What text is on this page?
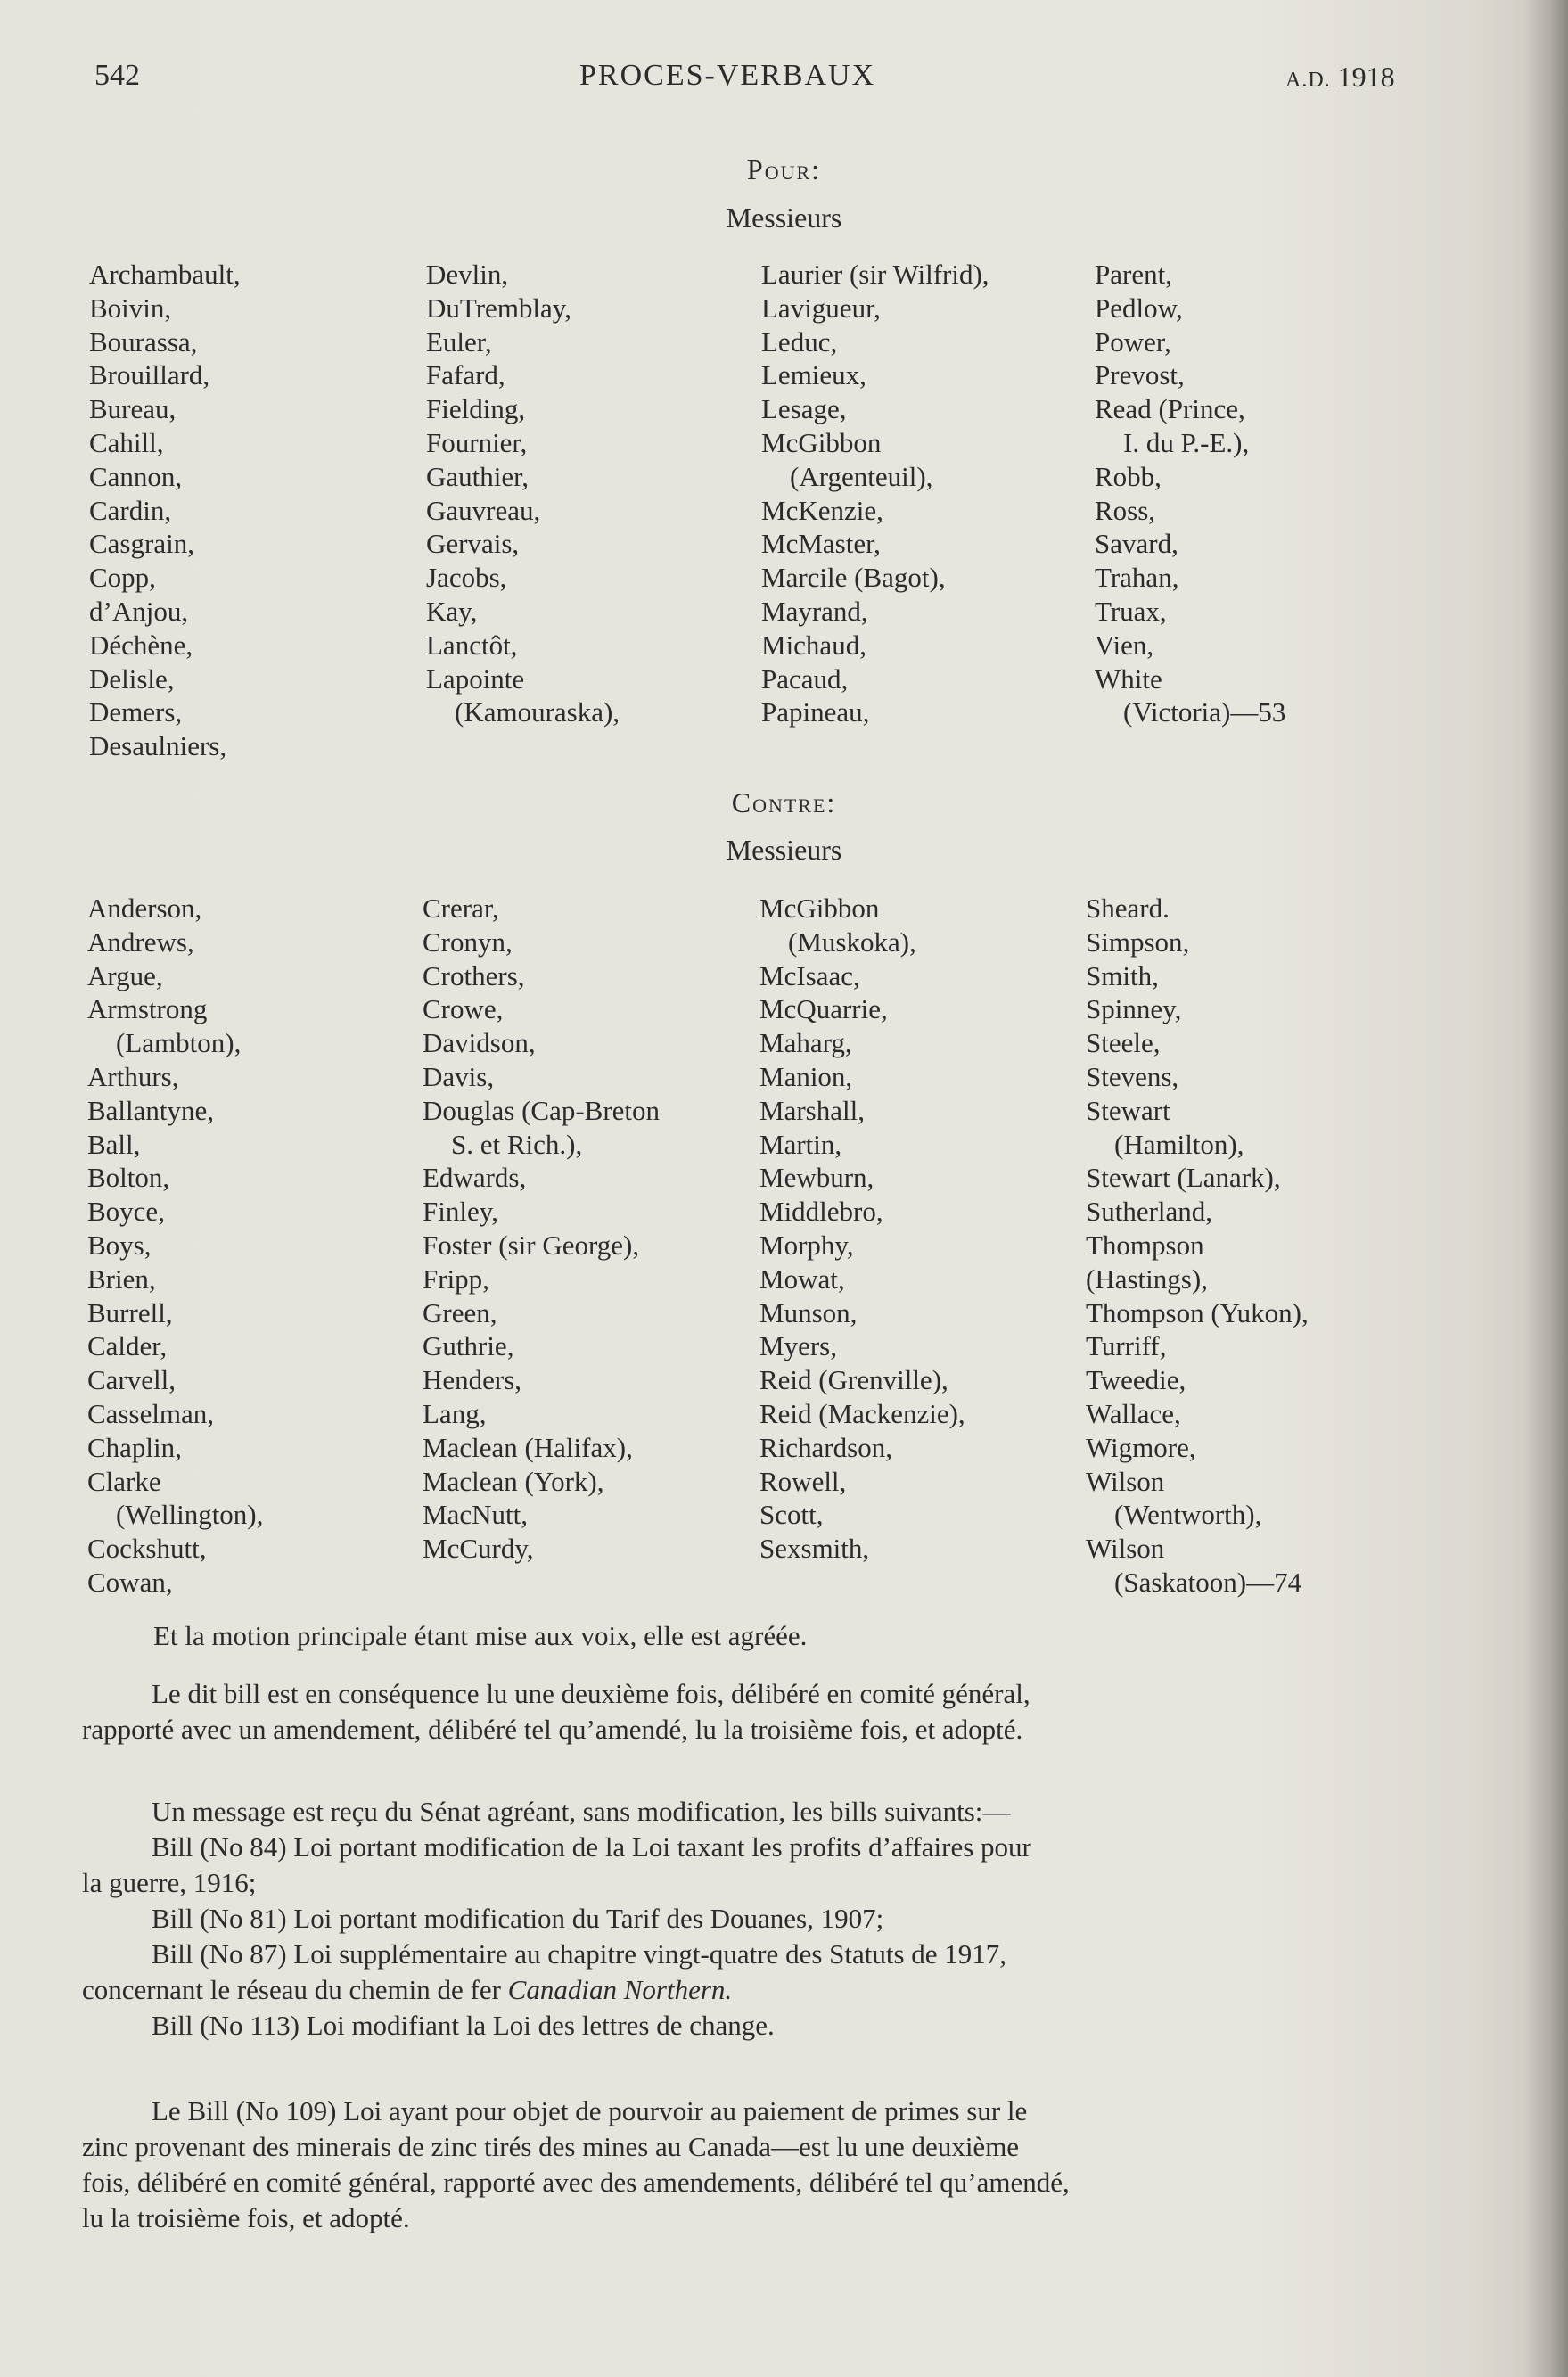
542	PROCES-VERBAUX	A.D. 1918
Pour:
Messieurs
Archambault,
Boivin,
Bourassa,
Brouillard,
Bureau,
Cahill,
Cannon,
Cardin,
Casgrain,
Copp,
d’Anjou,
Déchène,
Delisle,
Demers,
Desaulniers,
Devlin,
DuTremblay,
Euler,
Fafard,
Fielding,
Fournier,
Gauthier,
Gauvreau,
Gervais,
Jacobs,
Kay,
Lanctôt,
Lapointe
(Kamouraska),
Laurier (sir Wilfrid),
Lavigueur,
Leduc,
Lemieux,
Lesage,
McGibbon
(Argenteuil),
McKenzie,
McMaster,
Marcile (Bagot),
Mayrand,
Michaud,
Pacaud,
Papineau,
Parent,
Pedlow,
Power,
Prevost,
Read (Prince,
I. du P.-E.),
Robb,
Ross,
Savard,
Trahan,
Truax,
Vien,
White
(Victoria)—53
Contre:
Messieurs
Anderson,
Andrews,
Argue,
Armstrong
(Lambton),
Arthurs,
Ballantyne,
Ball,
Bolton,
Boyce,
Boys,
Brien,
Burrell,
Calder,
Carvell,
Casselman,
Chaplin,
Clarke
(Wellington),
Cockshutt,
Cowan,
Crerar,
Cronyn,
Crothers,
Crowe,
Davidson,
Davis,
Douglas (Cap-Breton
S. et Rich.),
Edwards,
Finley,
Foster (sir George),
Fripp,
Green,
Guthrie,
Henders,
Lang,
Maclean (Halifax),
Maclean (York),
MacNutt,
McCurdy,
McGibbon
(Muskoka),
McIsaac,
McQuarrie,
Maharg,
Manion,
Marshall,
Martin,
Mewburn,
Middlebro,
Morphy,
Mowat,
Munson,
Myers,
Reid (Grenville),
Reid (Mackenzie),
Richardson,
Rowell,
Scott,
Sexsmith,
Sheard.
Simpson,
Smith,
Spinney,
Steele,
Stevens,
Stewart
(Hamilton),
Stewart (Lanark),
Sutherland,
Thompson
(Hastings),
Thompson (Yukon),
Turriff,
Tweedie,
Wallace,
Wigmore,
Wilson
(Wentworth),
Wilson
(Saskatoon)—74
Et la motion principale étant mise aux voix, elle est agréée.
Le dit bill est en conséquence lu une deuxième fois, délibéré en comité général,
rapporté avec un amendement, délibéré tel qu’amendé, lu la troisième fois, et adopté.
Un message est reçu du Sénat agréant, sans modification, les bills suivants:—
Bill (No 84) Loi portant modification de la Loi taxant les profits d’affaires pour
la guerre, 1916;
Bill (No 81) Loi portant modification du Tarif des Douanes, 1907;
Bill (No 87) Loi supplémentaire au chapitre vingt-quatre des Statuts de 1917,
concernant le réseau du chemin de fer Canadian Northern.
Bill (No 113) Loi modifiant la Loi des lettres de change.
Le Bill (No 109) Loi ayant pour objet de pourvoir au paiement de primes sur le
zinc provenant des minerais de zinc tirés des mines au Canada—est lu une deuxième
fois, délibéré en comité général, rapporté avec des amendements, délibéré tel qu’amendé,
lu la troisième fois, et adopté.
